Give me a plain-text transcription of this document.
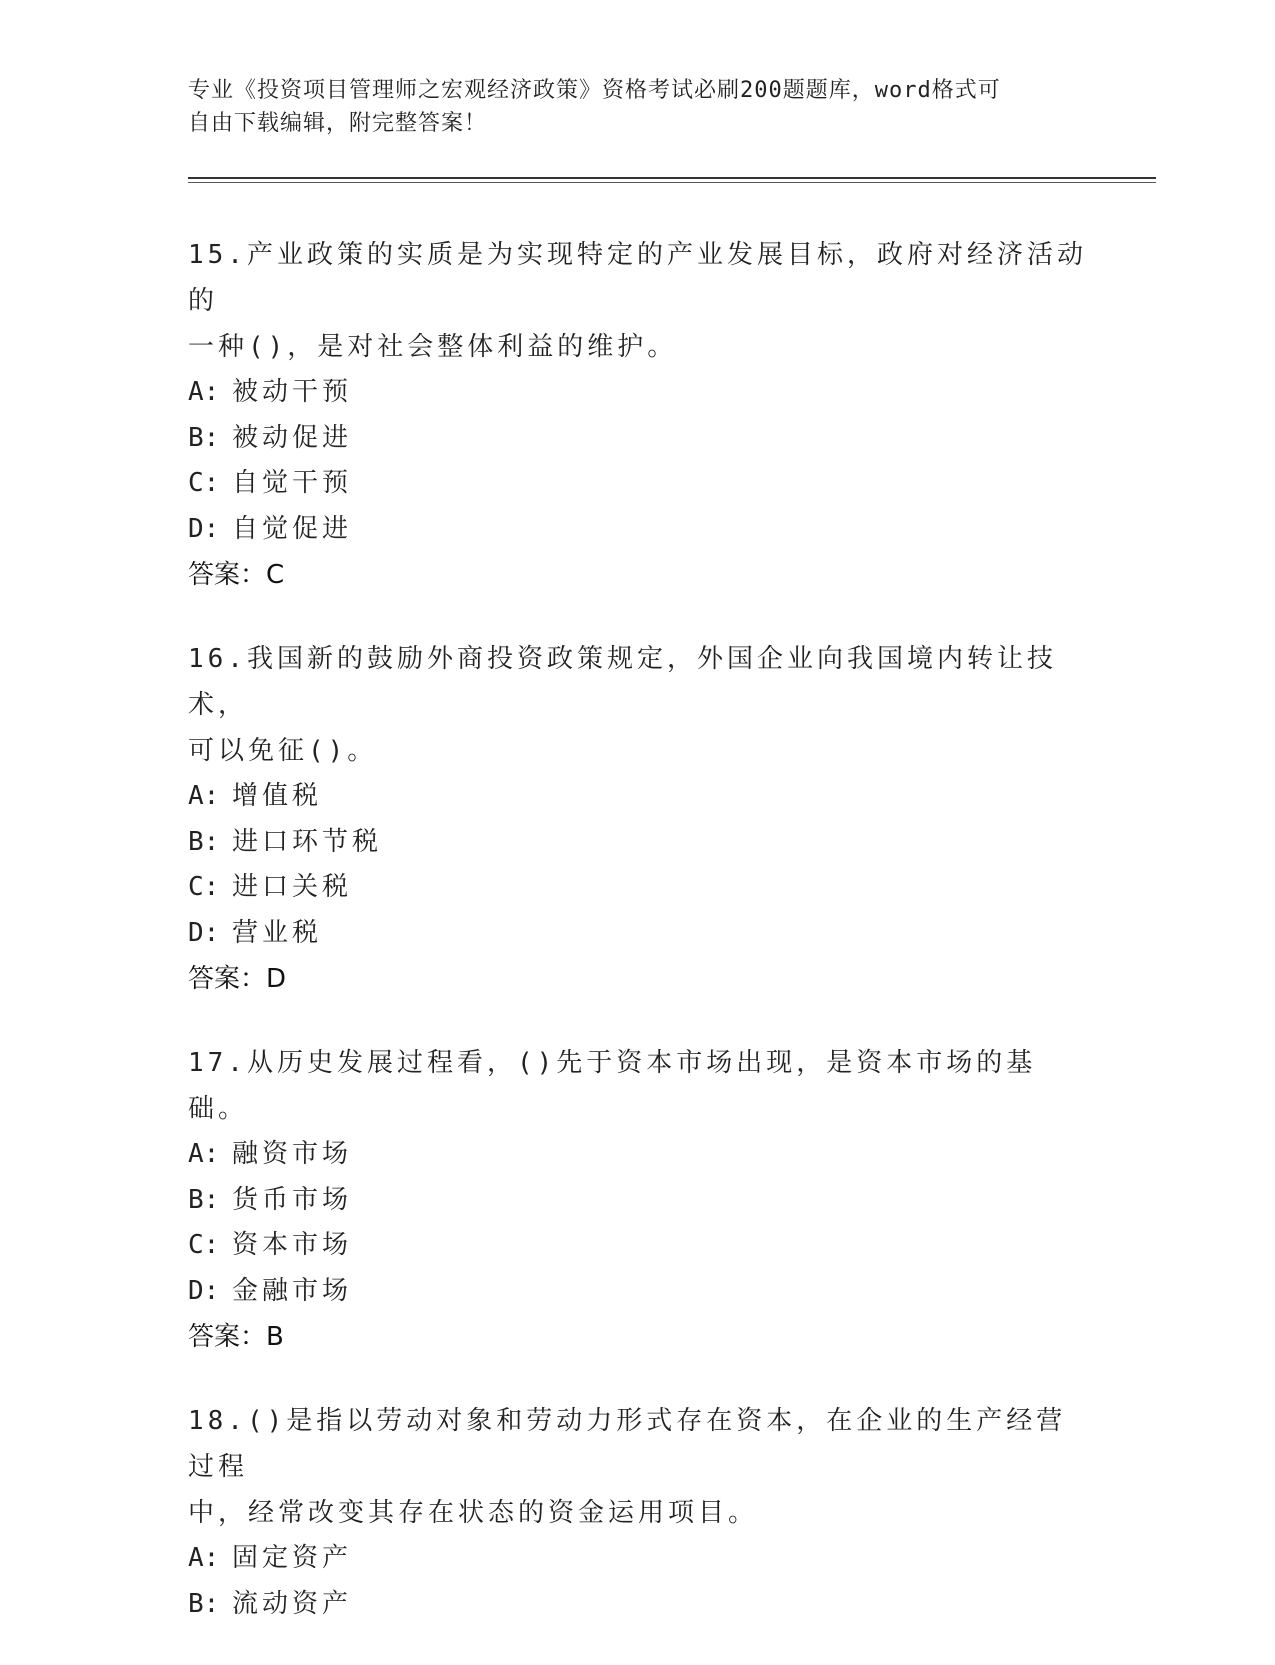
专业《投资项目管理师之宏观经济政策》资格考试必刷200题题库，word格式可
自由下载编辑，附完整答案！

15.产业政策的实质是为实现特定的产业发展目标，政府对经济活动的

一种()，是对社会整体利益的维护。

A: 被动干预

B: 被动促进

C: 自觉干预

D: 自觉促进

答案：C

16.我国新的鼓励外商投资政策规定，外国企业向我国境内转让技术，

可以免征()。

A: 增值税

B: 进口环节税

C: 进口关税

D: 营业税

答案：D

17.从历史发展过程看，()先于资本市场出现，是资本市场的基础。

A: 融资市场

B: 货币市场

C: 资本市场

D: 金融市场

答案：B

18.()是指以劳动对象和劳动力形式存在资本，在企业的生产经营过程

中，经常改变其存在状态的资金运用项目。

A: 固定资产

B: 流动资产
